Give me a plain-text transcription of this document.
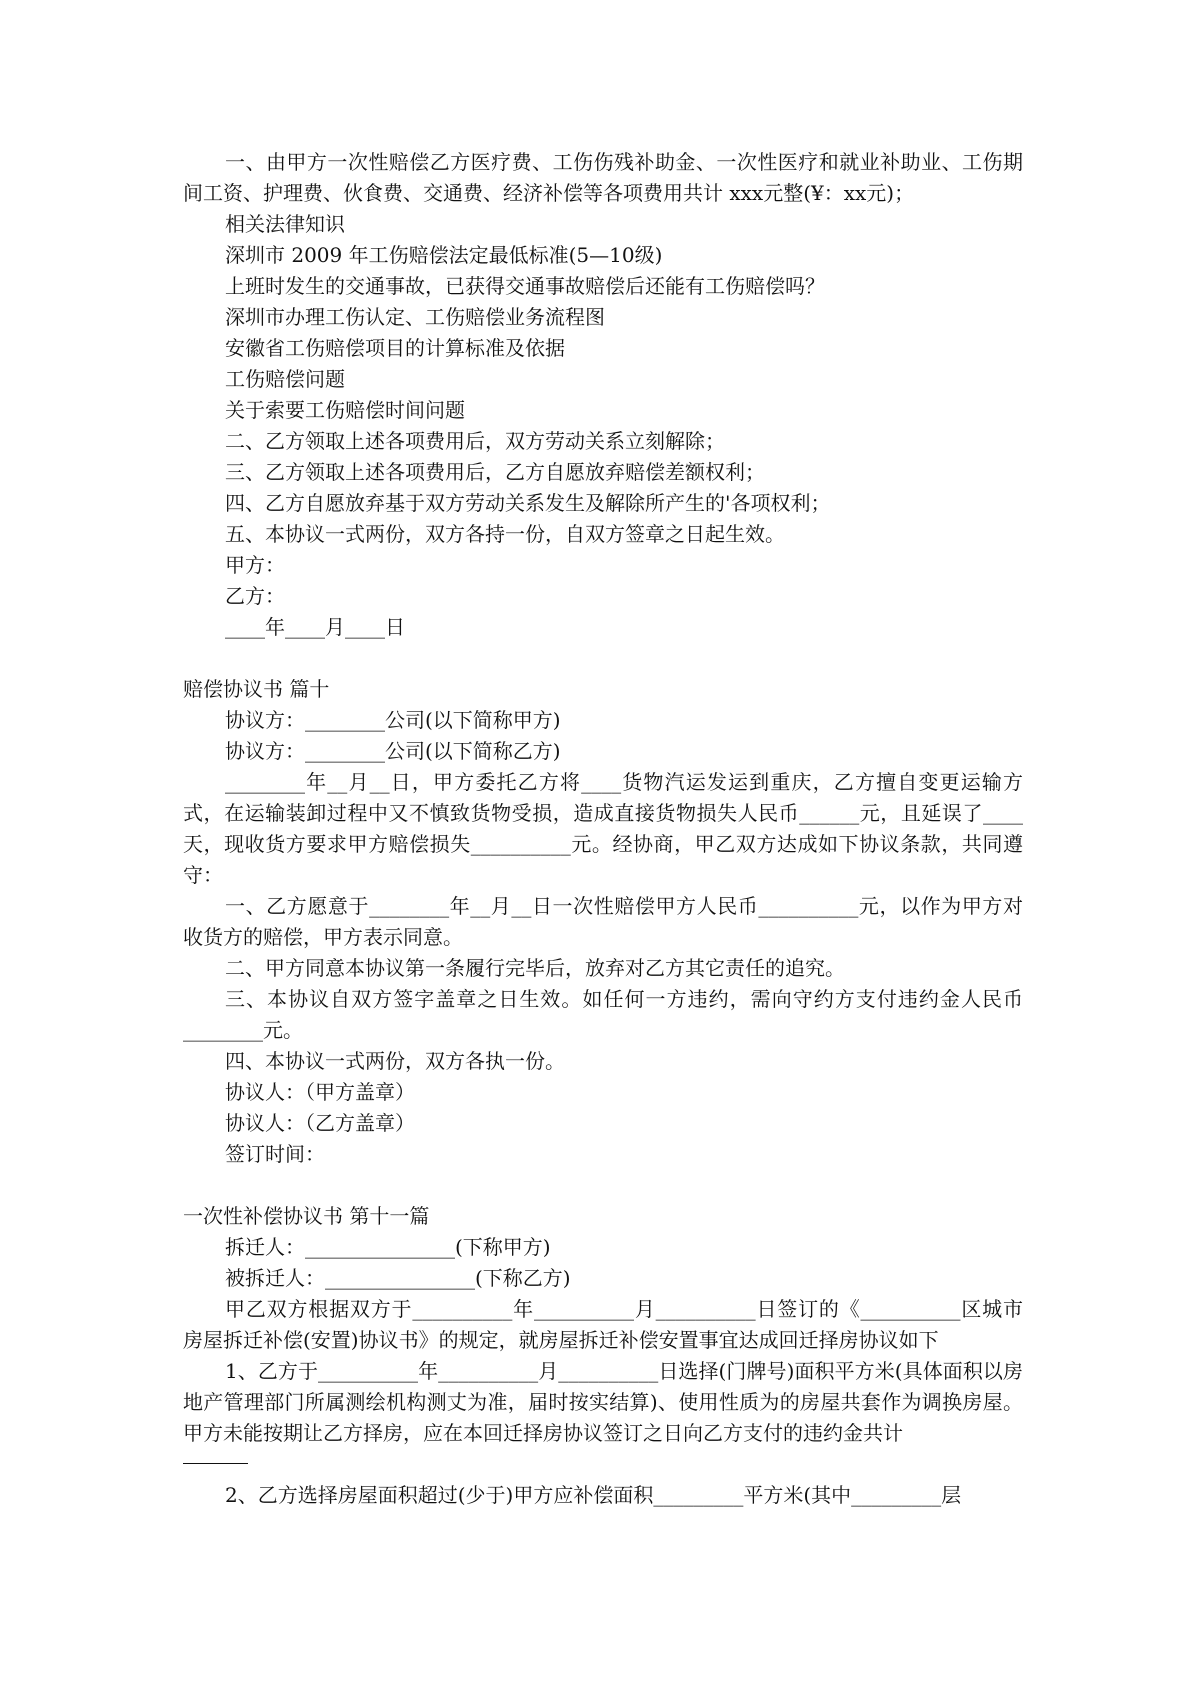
一、由甲方一次性赔偿乙方医疗费、工伤伤残补助金、一次性医疗和就业补助业、工伤期间工资、护理费、伙食费、交通费、经济补偿等各项费用共计 xxx元整(¥：xx元)；

相关法律知识

深圳市 2009 年工伤赔偿法定最低标准(5—10级)

上班时发生的交通事故，已获得交通事故赔偿后还能有工伤赔偿吗？

深圳市办理工伤认定、工伤赔偿业务流程图

安徽省工伤赔偿项目的计算标准及依据

工伤赔偿问题

关于索要工伤赔偿时间问题

二、乙方领取上述各项费用后，双方劳动关系立刻解除；

三、乙方领取上述各项费用后，乙方自愿放弃赔偿差额权利；

四、乙方自愿放弃基于双方劳动关系发生及解除所产生的'各项权利；

五、本协议一式两份，双方各持一份，自双方签章之日起生效。

甲方：

乙方：

____年____月____日

赔偿协议书 篇十

协议方：________公司(以下简称甲方)

协议方：________公司(以下简称乙方)

________年__月__日，甲方委托乙方将____货物汽运发运到重庆，乙方擅自变更运输方式，在运输装卸过程中又不慎致货物受损，造成直接货物损失人民币______元，且延误了____天，现收货方要求甲方赔偿损失__________元。经协商，甲乙双方达成如下协议条款，共同遵守：

一、乙方愿意于________年__月__日一次性赔偿甲方人民币__________元，以作为甲方对收货方的赔偿，甲方表示同意。

二、甲方同意本协议第一条履行完毕后，放弃对乙方其它责任的追究。

三、本协议自双方签字盖章之日生效。如任何一方违约，需向守约方支付违约金人民币________元。

四、本协议一式两份，双方各执一份。

协议人：（甲方盖章）

协议人：（乙方盖章）

签订时间：

一次性补偿协议书 第十一篇

拆迁人：_______________(下称甲方)

被拆迁人：_______________(下称乙方)

甲乙双方根据双方于__________年__________月__________日签订的《__________区城市房屋拆迁补偿(安置)协议书》的规定，就房屋拆迁补偿安置事宜达成回迁择房协议如下

1、乙方于__________年__________月__________日选择(门牌号)面积平方米(具体面积以房地产管理部门所属测绘机构测丈为准，届时按实结算)、使用性质为的房屋共套作为调换房屋。甲方未能按期让乙方择房，应在本回迁择房协议签订之日向乙方支付的违约金共计

2、乙方选择房屋面积超过(少于)甲方应补偿面积_________平方米(其中_________层
